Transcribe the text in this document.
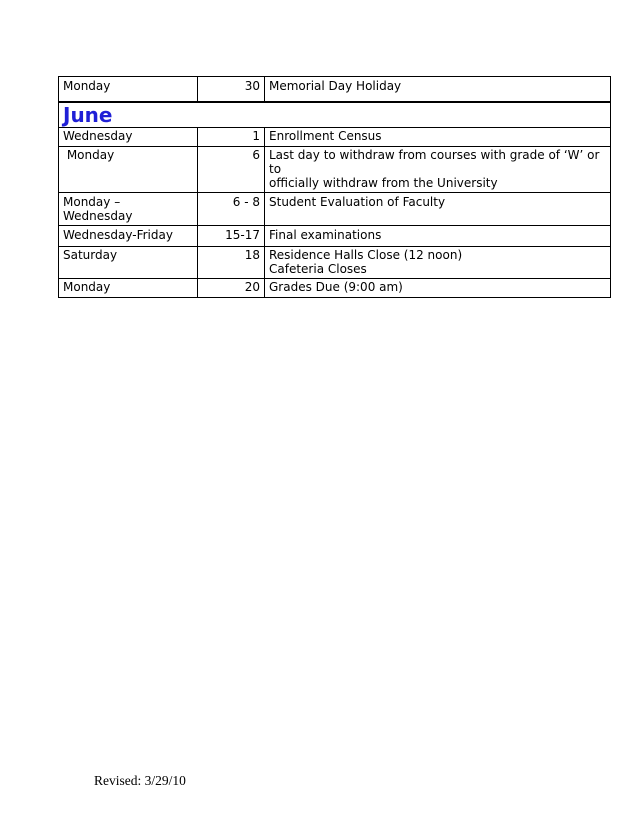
Monday	30	Memorial Day Holiday
June		
Wednesday	1	Enrollment Census

Monday	6	Last day to withdraw from courses with grade of ‘W’ or to
officially withdraw from the University

Monday – Wednesday	6 - 8	Student Evaluation of Faculty

Wednesday-Friday	15-17	Final examinations

Saturday	18	Residence Halls Close (12 noon)
Cafeteria Closes

Monday	20	Grades Due (9:00 am)
Revised: 3/29/10
